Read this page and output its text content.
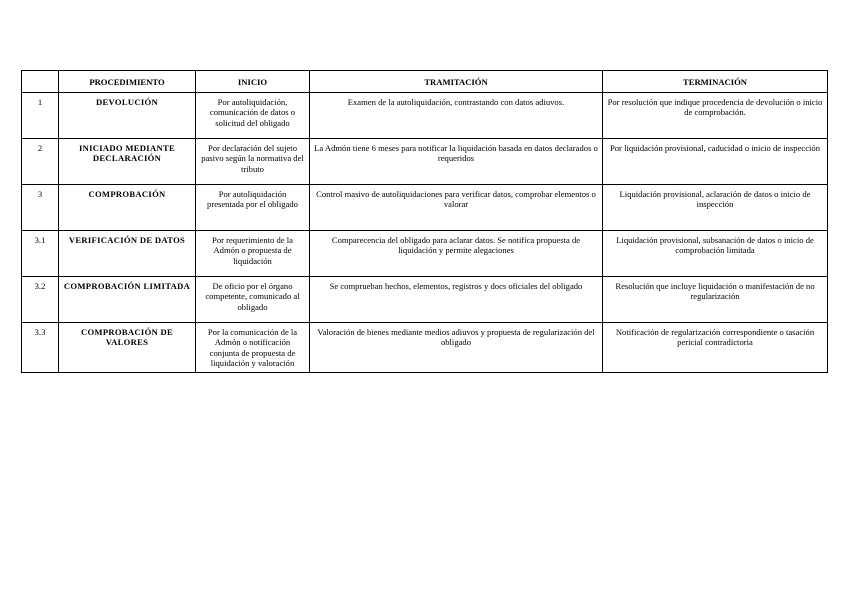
	PROCEDIMIENTO	INICIO	TRAMITACIÓN	TERMINACIÓN
1	DEVOLUCIÓN	Por autoliquidación, comunicación de datos o solicitud del obligado	Examen de la autoliquidación, contrastando con datos adiuvos.	Por resolución que indique procedencia de devolución o inicio de comprobación.
2	INICIADO MEDIANTE DECLARACIÓN	Por declaración del sujeto pasivo según la normativa del tributo	La Admón tiene 6 meses para notificar la liquidación basada en datos declarados o requeridos	Por liquidación provisional, caducidad o inicio de inspección
3	COMPROBACIÓN	Por autoliquidación presentada por el obligado	Control masivo de autoliquidaciones para verificar datos, comprobar elementos o valorar	Liquidación provisional, aclaración de datos o inicio de inspección
3.1	VERIFICACIÓN DE DATOS	Por requerimiento de la Admón o propuesta de liquidación	Comparecencia del obligado para aclarar datos. Se notifica propuesta de liquidación y permite alegaciones	Liquidación provisional, subsanación de datos o inicio de comprobación limitada
3.2	COMPROBACIÓN LIMITADA	De oficio por el órgano competente, comunicado al obligado	Se comprueban hechos, elementos, registros y docs oficiales del obligado	Resolución que incluye liquidación o manifestación de no regularización
3.3	COMPROBACIÓN DE VALORES	Por la comunicación de la Admón o notificación conjunta de propuesta de liquidación y valoración	Valoración de bienes mediante medios adiuvos y propuesta de regularización del obligado	Notificación de regularización correspondiente o tasación pericial contradictoria
